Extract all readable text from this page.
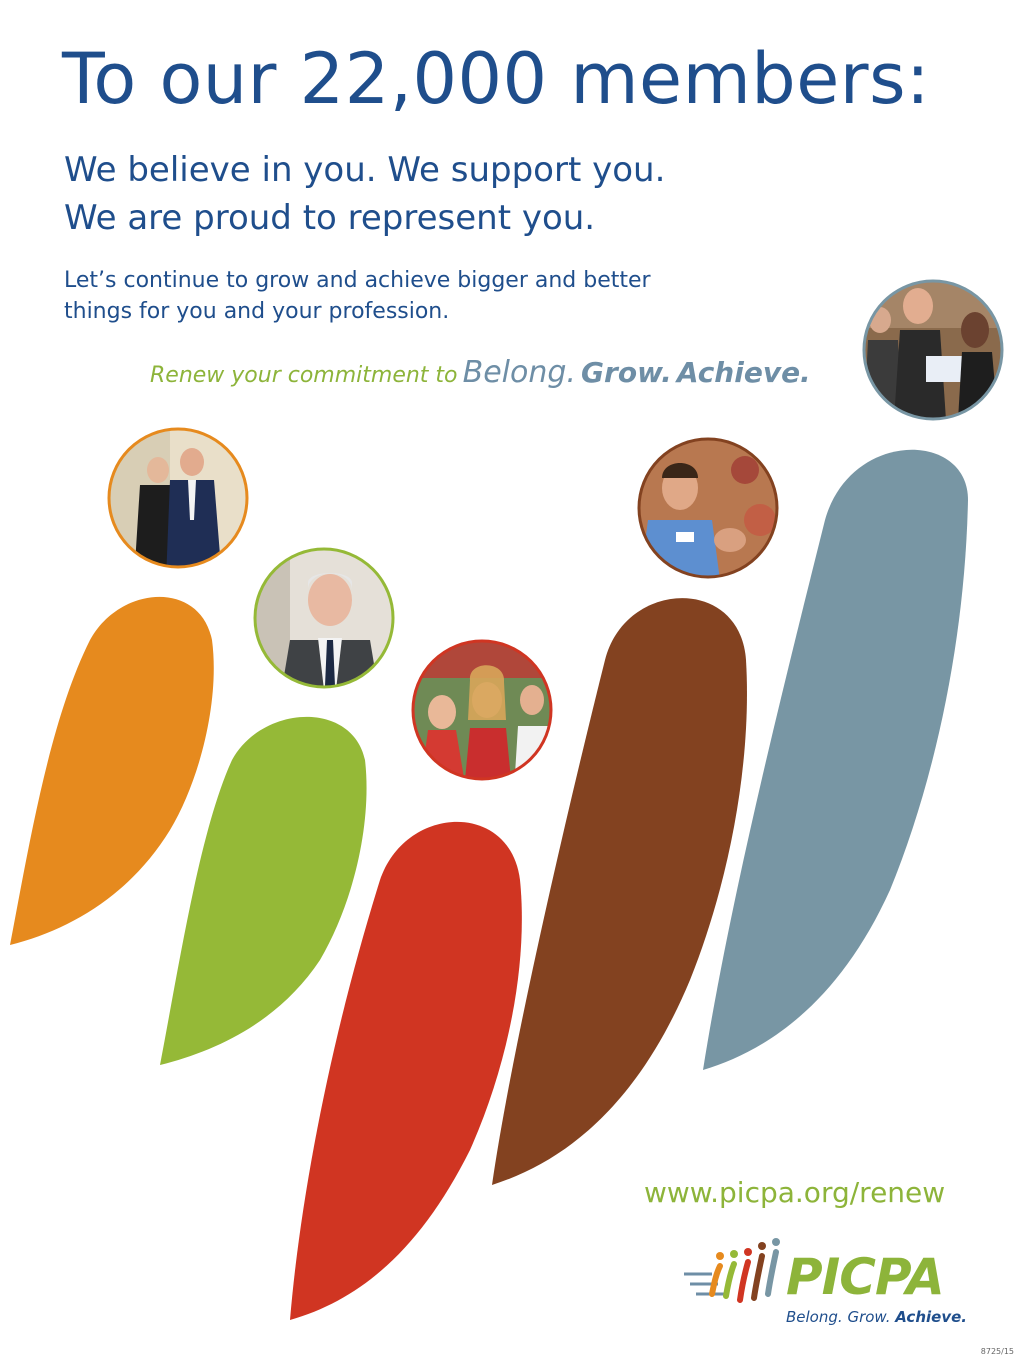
To our 22,000 members:

We believe in you. We support you.

We are proud to represent you.

Let’s continue to grow and achieve bigger and better

things for you and your profession.

Renew your commitment to Belong. Grow. Achieve.
www.picpa.org/renew
PICPA
Belong. Grow. Achieve.
8725/15
